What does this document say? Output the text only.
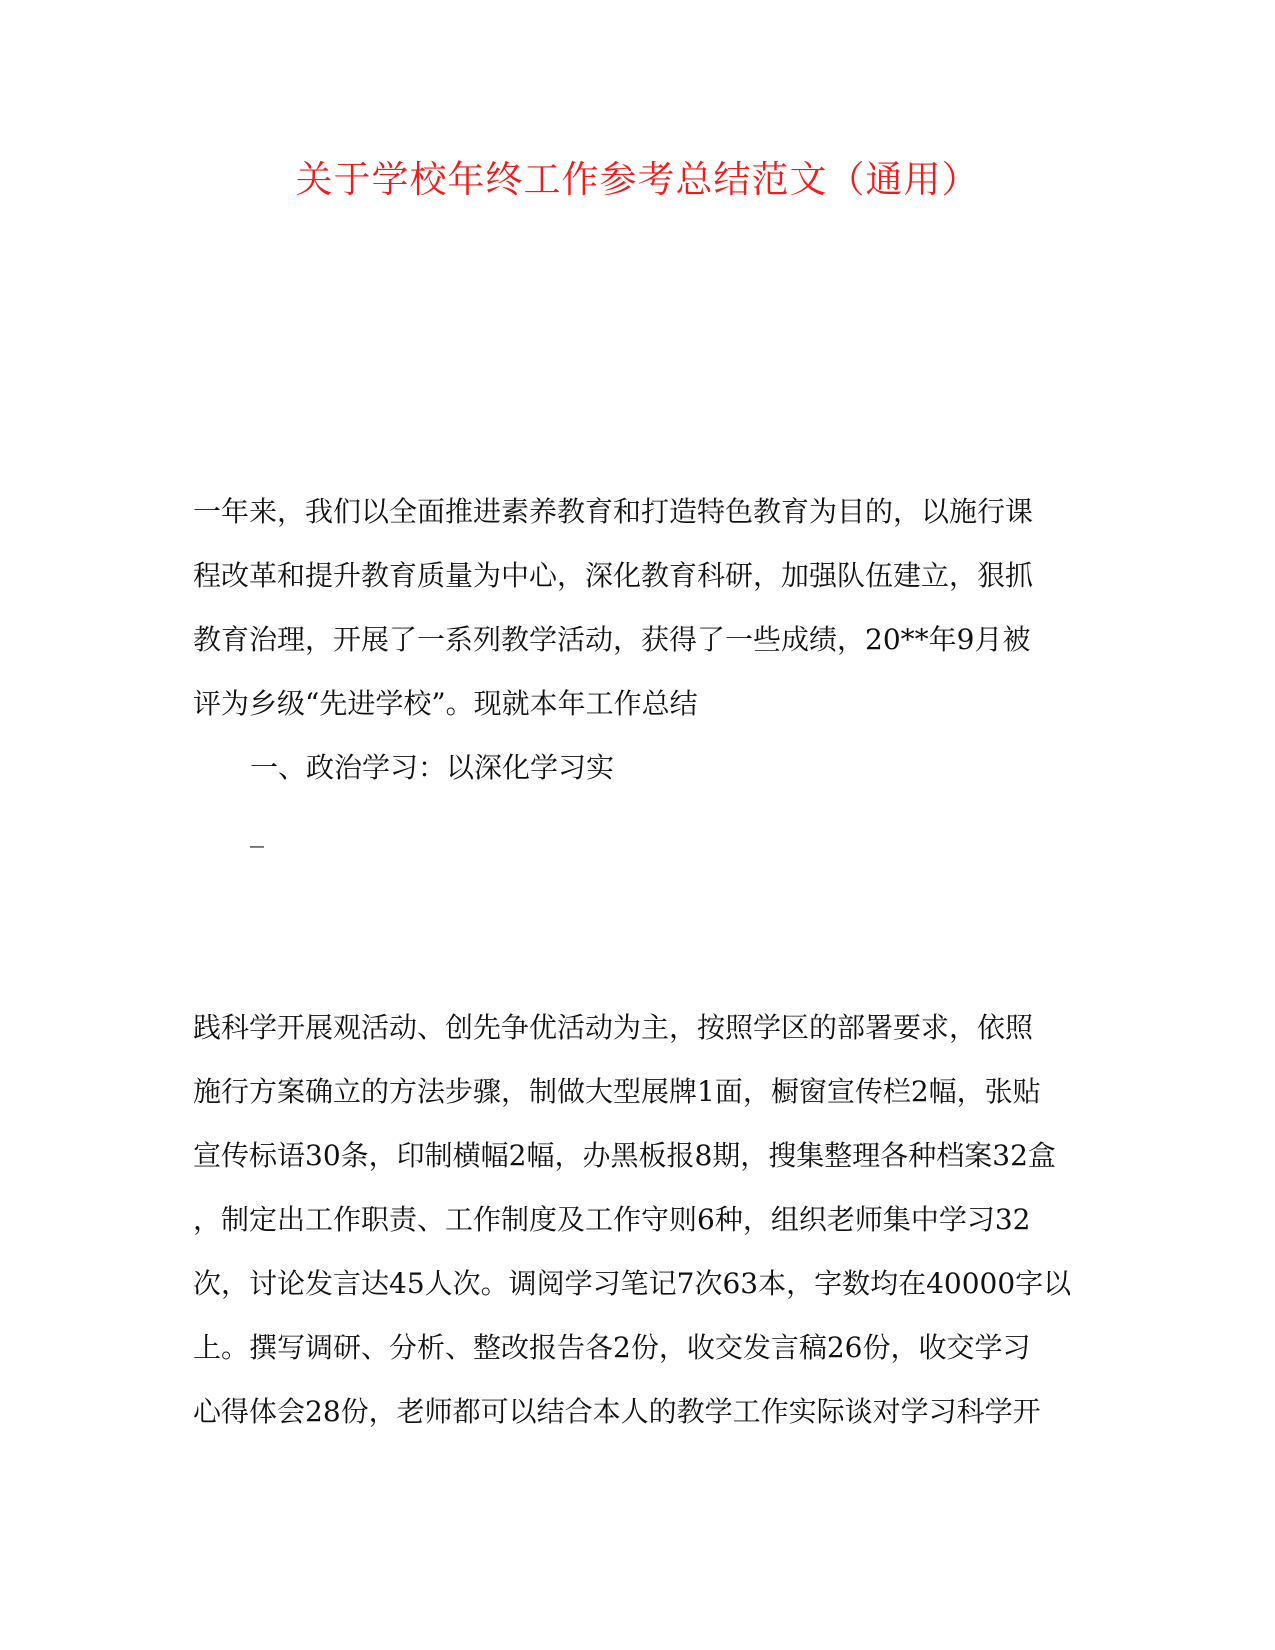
关于学校年终工作参考总结范文（通用）
一年来，我们以全面推进素养教育和打造特色教育为目的，以施行课
程改革和提升教育质量为中心，深化教育科研，加强队伍建立，狠抓
教育治理，开展了一系列教学活动，获得了一些成绩，20**年9月被
评为乡级“先进学校”。现就本年工作总结
一、政治学习：以深化学习实
_
践科学开展观活动、创先争优活动为主，按照学区的部署要求，依照
施行方案确立的方法步骤，制做大型展牌1面，橱窗宣传栏2幅，张贴
宣传标语30条，印制横幅2幅，办黑板报8期，搜集整理各种档案32盒
，制定出工作职责、工作制度及工作守则6种，组织老师集中学习32
次，讨论发言达45人次。调阅学习笔记7次63本，字数均在40000字以
上。撰写调研、分析、整改报告各2份，收交发言稿26份，收交学习
心得体会28份，老师都可以结合本人的教学工作实际谈对学习科学开
